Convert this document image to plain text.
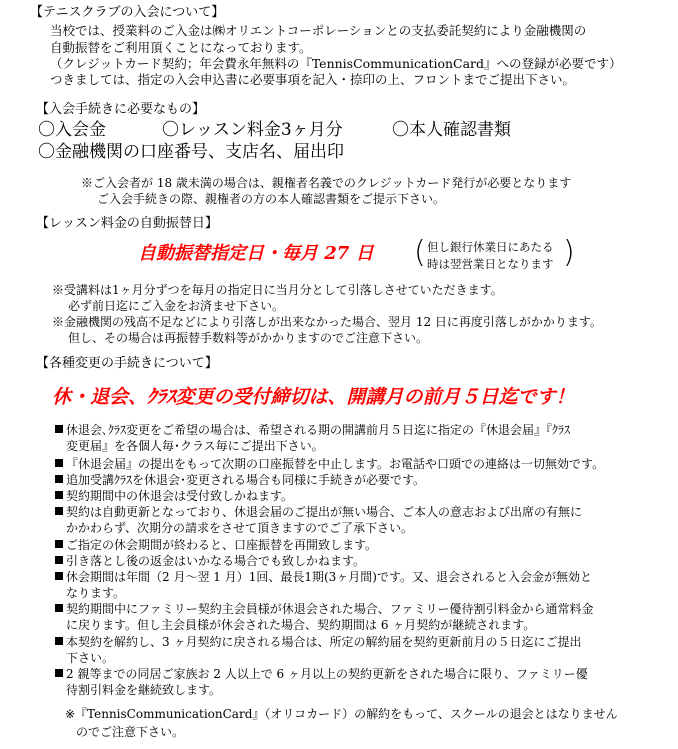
【テニスクラブの入会について】
当校では、授業料のご入金は㈱オリエントコーポレーションとの支払委託契約により金融機関の
自動振替をご利用頂くことになっております。
（クレジットカード契約；年会費永年無料の『TennisCommunicationCard』への登録が必要です）
つきましては、指定の入会申込書に必要事項を記入・捺印の上、フロントまでご提出下さい。
【入会手続きに必要なもの】
〇入会金	〇レッスン料金3ヶ月分	〇本人確認書類
〇金融機関の口座番号、支店名、届出印
※ご入会者が 18 歳未満の場合は、親権者名義でのクレジットカード発行が必要となります
ご入会手続きの際、親権者の方の本人確認書類をご提示下さい。
【レッスン料金の自動振替日】
自動振替指定日・毎月 27 日 ( 但し銀行休業日にあたる
時は翌営業日となります )
※受講料は1ヶ月分ずつを毎月の指定日に当月分として引落しさせていただきます。
必ず前日迄にご入金をお済ませ下さい。
※金融機関の残高不足などにより引落しが出来なかった場合、翌月 12 日に再度引落しがかかります。
但し、その場合は再振替手数料等がかかりますのでご注意下さい。
【各種変更の手続きについて】
休・退会、ｸﾗｽ変更の受付締切は、開講月の前月５日迄です！
休退会､ｸﾗｽ変更をご希望の場合は、希望される期の開講前月５日迄に指定の『休退会届』『ｸﾗｽ
変更届』を各個人毎･クラス毎にご提出下さい。
『休退会届』の提出をもって次期の口座振替を中止します。お電話や口頭での連絡は一切無効です。
追加受講ｸﾗｽを休退会･変更される場合も同様に手続きが必要です。
契約期間中の休退会は受付致しかねます。
契約は自動更新となっており、休退会届のご提出が無い場合、ご本人の意志および出席の有無に
かかわらず、次期分の請求をさせて頂きますのでご了承下さい。
ご指定の休会期間が終わると、口座振替を再開致します。
引き落とし後の返金はいかなる場合でも致しかねます。
休会期間は年間（2 月～翌 1 月）1回、最長1期(3ヶ月間)です。又、退会されると入会金が無効と
なります。
契約期間中にファミリー契約主会員様が休退会された場合、ファミリー優待割引料金から通常料金
に戻ります。但し主会員様が休会された場合、契約期間は 6 ヶ月契約が継続されます。
本契約を解約し、3 ヶ月契約に戻される場合は、所定の解約届を契約更新前月の５日迄にご提出
下さい。
2 親等までの同居ご家族お 2 人以上で 6 ヶ月以上の契約更新をされた場合に限り、ファミリー優
待割引料金を継続致します。
※『TennisCommunicationCard』（オリコカード）の解約をもって、スクールの退会とはなりません
のでご注意下さい。
